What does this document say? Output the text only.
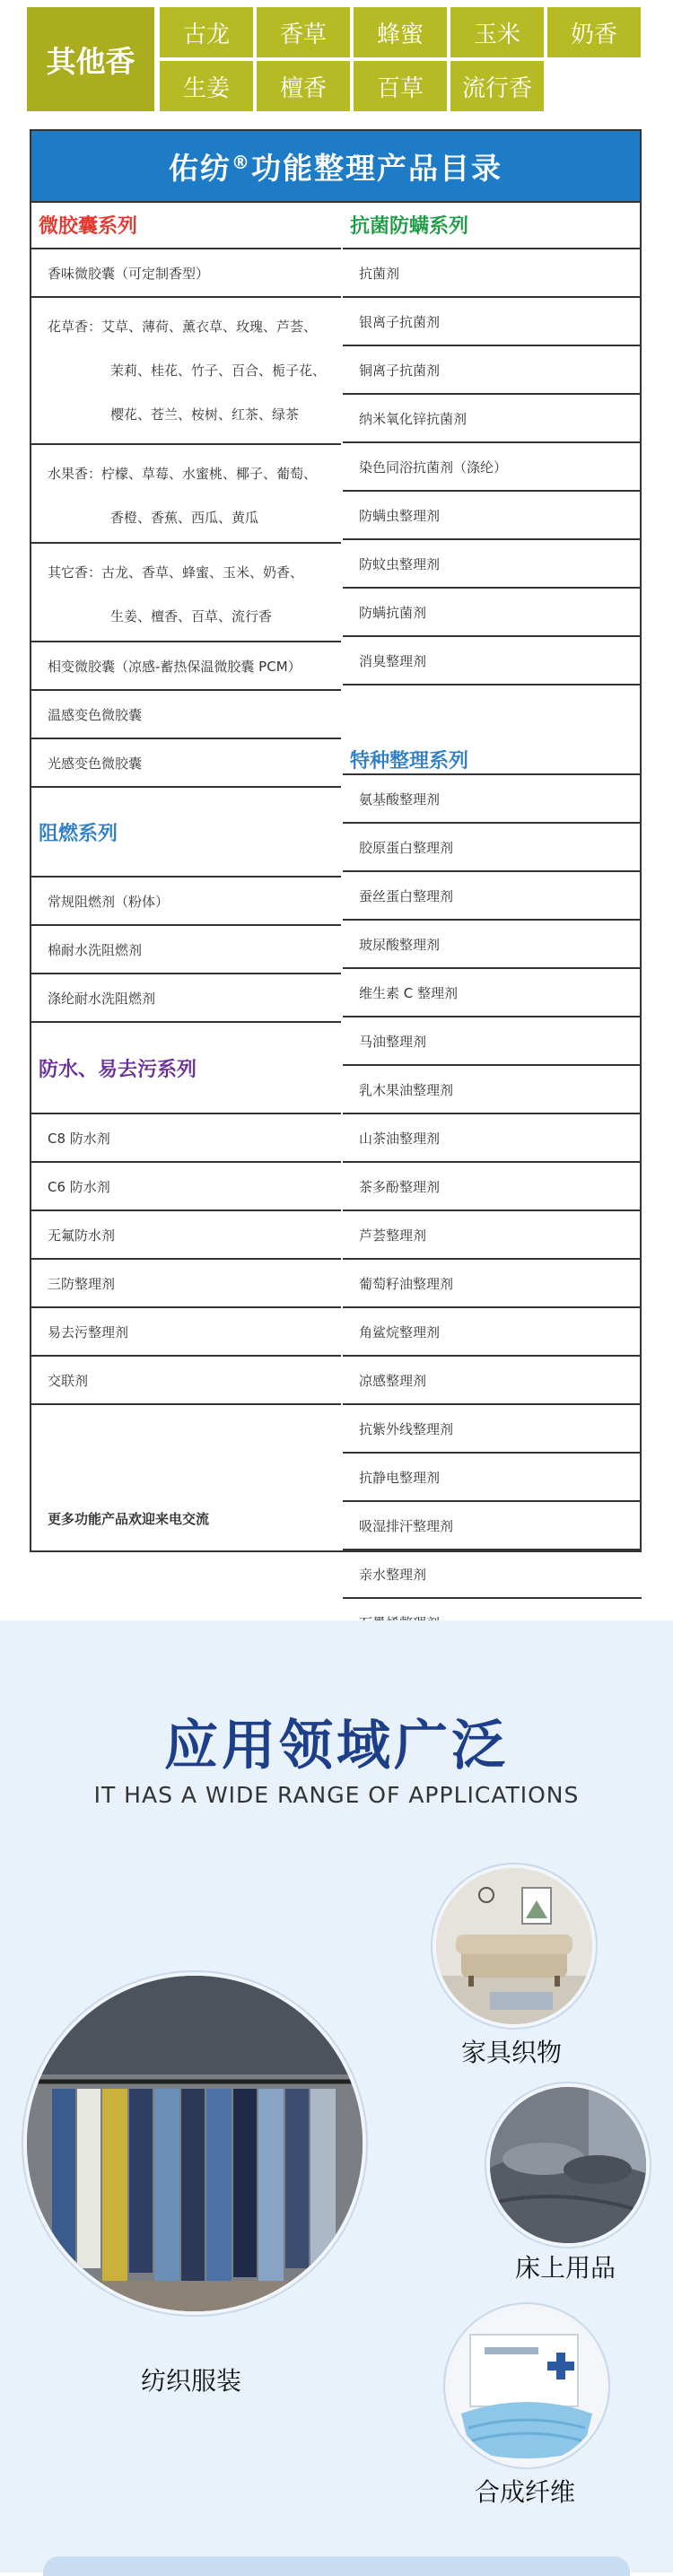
其他香
古龙	香草	蜂蜜	玉米	奶香
生姜	檀香	百草	流行香
佑纺® 功能整理产品目录
微胶囊系列
香味微胶囊（可定制香型）
花草香：艾草、薄荷、薰衣草、玫瑰、芦荟、
茉莉、桂花、竹子、百合、栀子花、
樱花、苍兰、桉树、红茶、绿茶
水果香：柠檬、草莓、水蜜桃、椰子、葡萄、
香橙、香蕉、西瓜、黄瓜
其它香：古龙、香草、蜂蜜、玉米、奶香、
生姜、檀香、百草、流行香
相变微胶囊（凉感-蓄热保温微胶囊 PCM）
温感变色微胶囊
光感变色微胶囊
阻燃系列
常规阻燃剂（粉体）
棉耐水洗阻燃剂
涤纶耐水洗阻燃剂
防水、易去污系列
C8 防水剂
C6 防水剂
无氟防水剂
三防整理剂
易去污整理剂
交联剂
更多功能产品欢迎来电交流
抗菌防螨系列
抗菌剂
银离子抗菌剂
铜离子抗菌剂
纳米氧化锌抗菌剂
染色同浴抗菌剂（涤纶）
防螨虫整理剂
防蚊虫整理剂
防螨抗菌剂
消臭整理剂
特种整理系列
氨基酸整理剂
胶原蛋白整理剂
蚕丝蛋白整理剂
玻尿酸整理剂
维生素 C 整理剂
马油整理剂
乳木果油整理剂
山茶油整理剂
茶多酚整理剂
芦荟整理剂
葡萄籽油整理剂
角鲨烷整理剂
凉感整理剂
抗紫外线整理剂
抗静电整理剂
吸湿排汗整理剂
亲水整理剂
应用领域广泛
IT HAS A WIDE RANGE OF APPLICATIONS
家具织物
床上用品
纺织服装
合成纤维
